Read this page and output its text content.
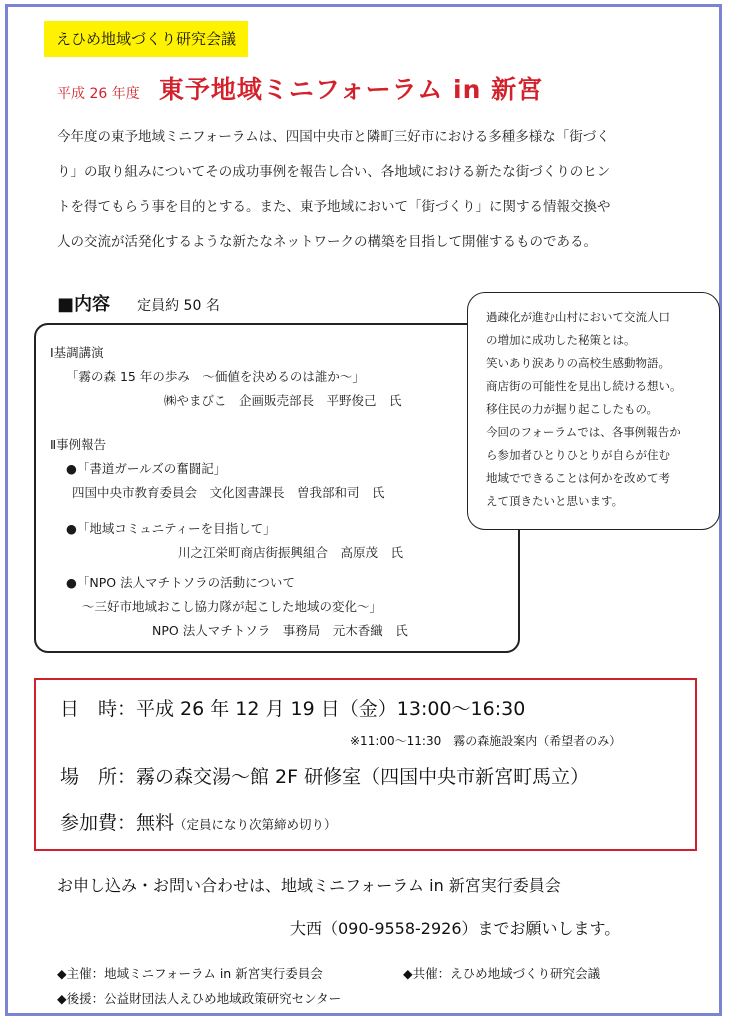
えひめ地域づくり研究会議
平成 26 年度 東予地域ミニフォーラム in 新宮
今年度の東予地域ミニフォーラムは、四国中央市と隣町三好市における多種多様な「街づく
り」の取り組みについてその成功事例を報告し合い、各地域における新たな街づくりのヒン
トを得てもらう事を目的とする。また、東予地域において「街づくり」に関する情報交換や
人の交流が活発化するような新たなネットワークの構築を目指して開催するものである。
■内容 定員約 50 名
Ⅰ基調講演
「霧の森 15 年の歩み　～価値を決めるのは誰か～」
㈱やまびこ　企画販売部長　平野俊己　氏
Ⅱ事例報告
●「書道ガールズの奮闘記」
四国中央市教育委員会　文化図書課長　曽我部和司　氏
●「地域コミュニティーを目指して」
川之江栄町商店街振興組合　高原茂　氏
●「NPO 法人マチトソラの活動について
～三好市地域おこし協力隊が起こした地域の変化～」
NPO 法人マチトソラ　事務局　元木香織　氏
過疎化が進む山村において交流人口
の増加に成功した秘策とは。
笑いあり涙ありの高校生感動物語。
商店街の可能性を見出し続ける想い。
移住民の力が掘り起こしたもの。
今回のフォーラムでは、各事例報告か
ら参加者ひとりひとりが自らが住む
地域でできることは何かを改めて考
えて頂きたいと思います。
日　時：平成 26 年 12 月 19 日（金）13:00～16:30
※11:00～11:30　霧の森施設案内（希望者のみ）
場　所：霧の森交湯～館 2F 研修室（四国中央市新宮町馬立）
参加費：無料（定員になり次第締め切り）
お申し込み・お問い合わせは、地域ミニフォーラム in 新宮実行委員会
大西（090-9558-2926）までお願いします。
◆主催：地域ミニフォーラム in 新宮実行委員会	◆共催：えひめ地域づくり研究会議
◆後援：公益財団法人えひめ地域政策研究センター
